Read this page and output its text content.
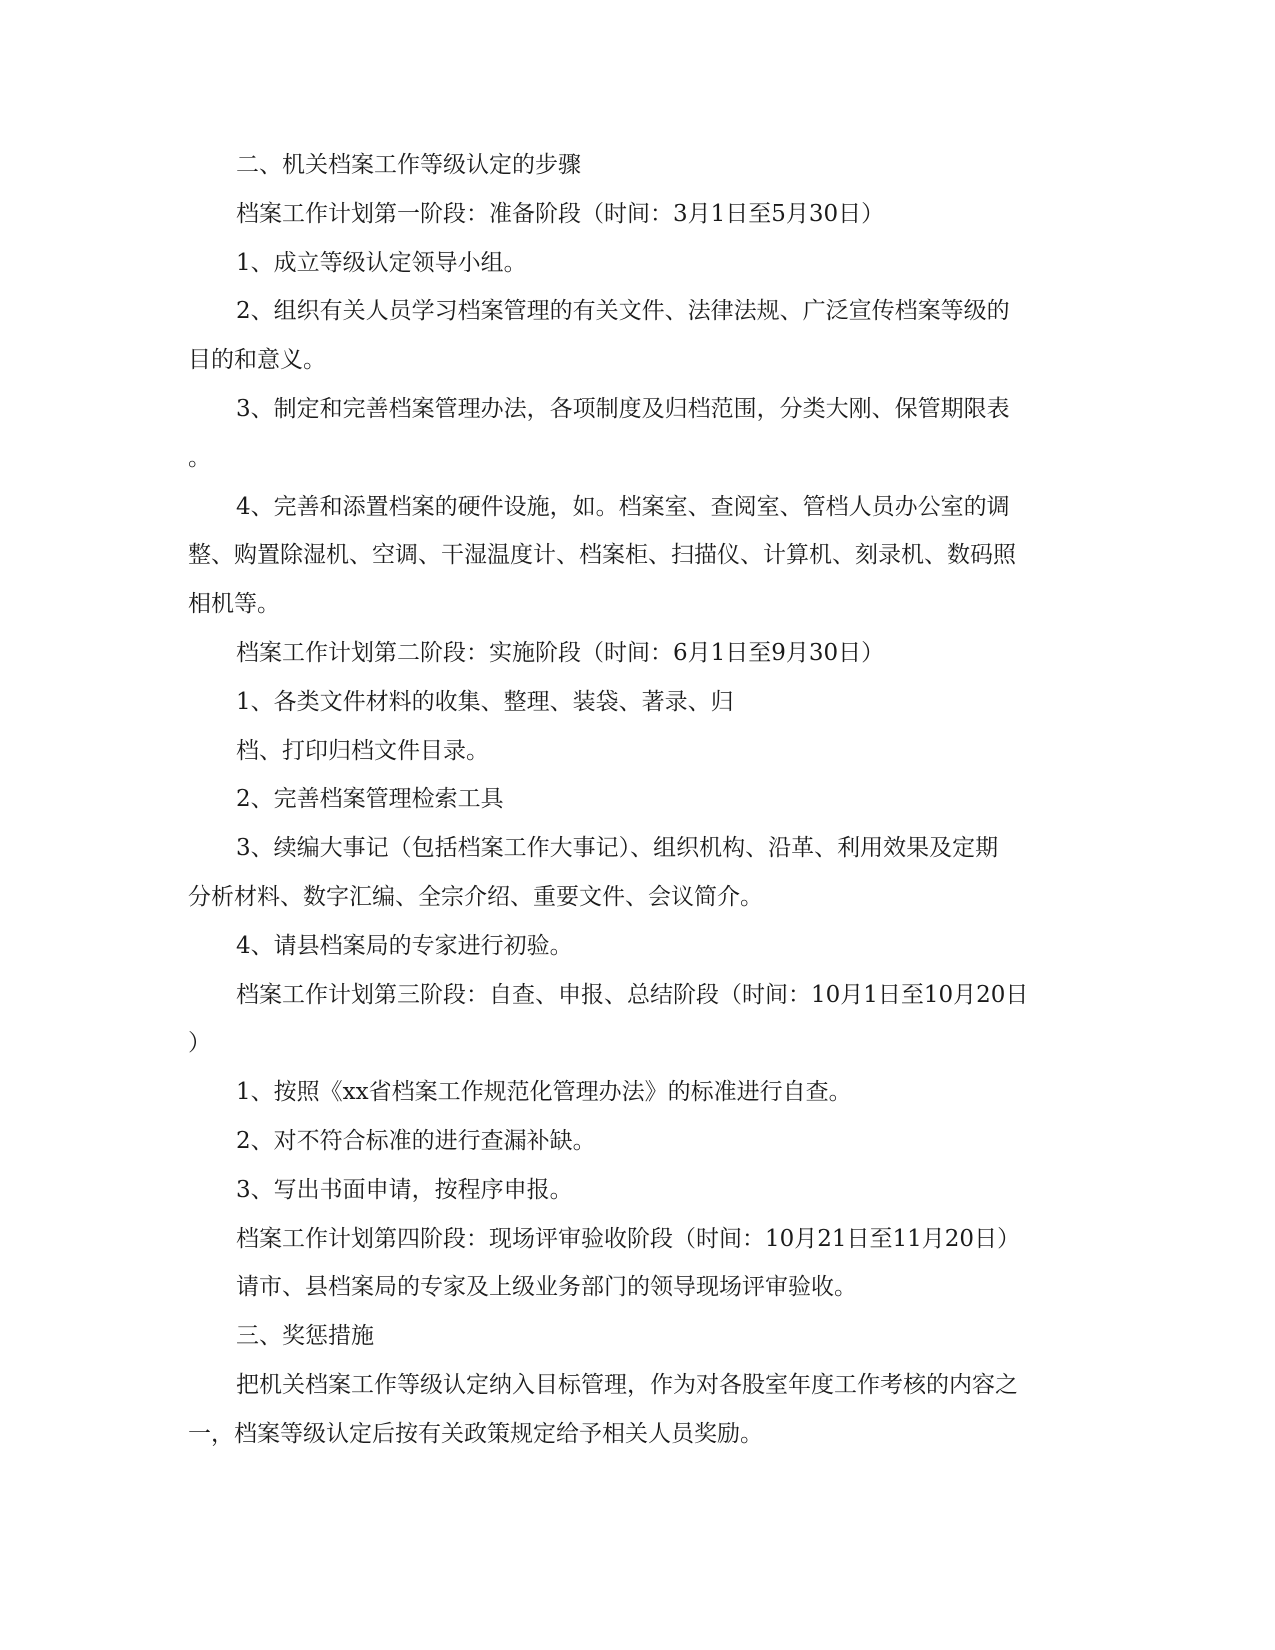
二、机关档案工作等级认定的步骤
档案工作计划第一阶段：准备阶段（时间：3月1日至5月30日）
1、成立等级认定领导小组。
2、组织有关人员学习档案管理的有关文件、法律法规、广泛宣传档案等级的
目的和意义。
3、制定和完善档案管理办法，各项制度及归档范围，分类大刚、保管期限表
。
4、完善和添置档案的硬件设施，如。档案室、查阅室、管档人员办公室的调
整、购置除湿机、空调、干湿温度计、档案柜、扫描仪、计算机、刻录机、数码照
相机等。
档案工作计划第二阶段：实施阶段（时间：6月1日至9月30日）
1、各类文件材料的收集、整理、装袋、著录、归
档、打印归档文件目录。
2、完善档案管理检索工具
3、续编大事记（包括档案工作大事记）、组织机构、沿革、利用效果及定期
分析材料、数字汇编、全宗介绍、重要文件、会议简介。
4、请县档案局的专家进行初验。
档案工作计划第三阶段：自查、申报、总结阶段（时间：10月1日至10月20日
）
1、按照《xx省档案工作规范化管理办法》的标准进行自查。
2、对不符合标准的进行查漏补缺。
3、写出书面申请，按程序申报。
档案工作计划第四阶段：现场评审验收阶段（时间：10月21日至11月20日）
请市、县档案局的专家及上级业务部门的领导现场评审验收。
三、奖惩措施
把机关档案工作等级认定纳入目标管理，作为对各股室年度工作考核的内容之
一，档案等级认定后按有关政策规定给予相关人员奖励。
